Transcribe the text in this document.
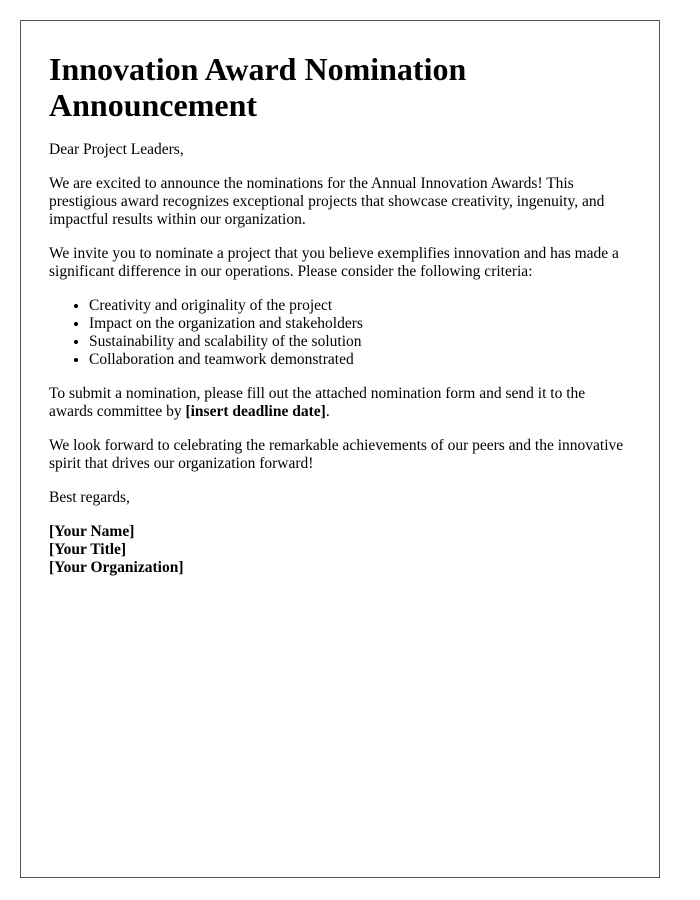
Innovation Award Nomination Announcement

Dear Project Leaders,

We are excited to announce the nominations for the Annual Innovation Awards! This prestigious award recognizes exceptional projects that showcase creativity, ingenuity, and impactful results within our organization.

We invite you to nominate a project that you believe exemplifies innovation and has made a significant difference in our operations. Please consider the following criteria:

• Creativity and originality of the project
• Impact on the organization and stakeholders
• Sustainability and scalability of the solution
• Collaboration and teamwork demonstrated

To submit a nomination, please fill out the attached nomination form and send it to the awards committee by [insert deadline date].

We look forward to celebrating the remarkable achievements of our peers and the innovative spirit that drives our organization forward!

Best regards,

[Your Name]

[Your Title]

[Your Organization]
